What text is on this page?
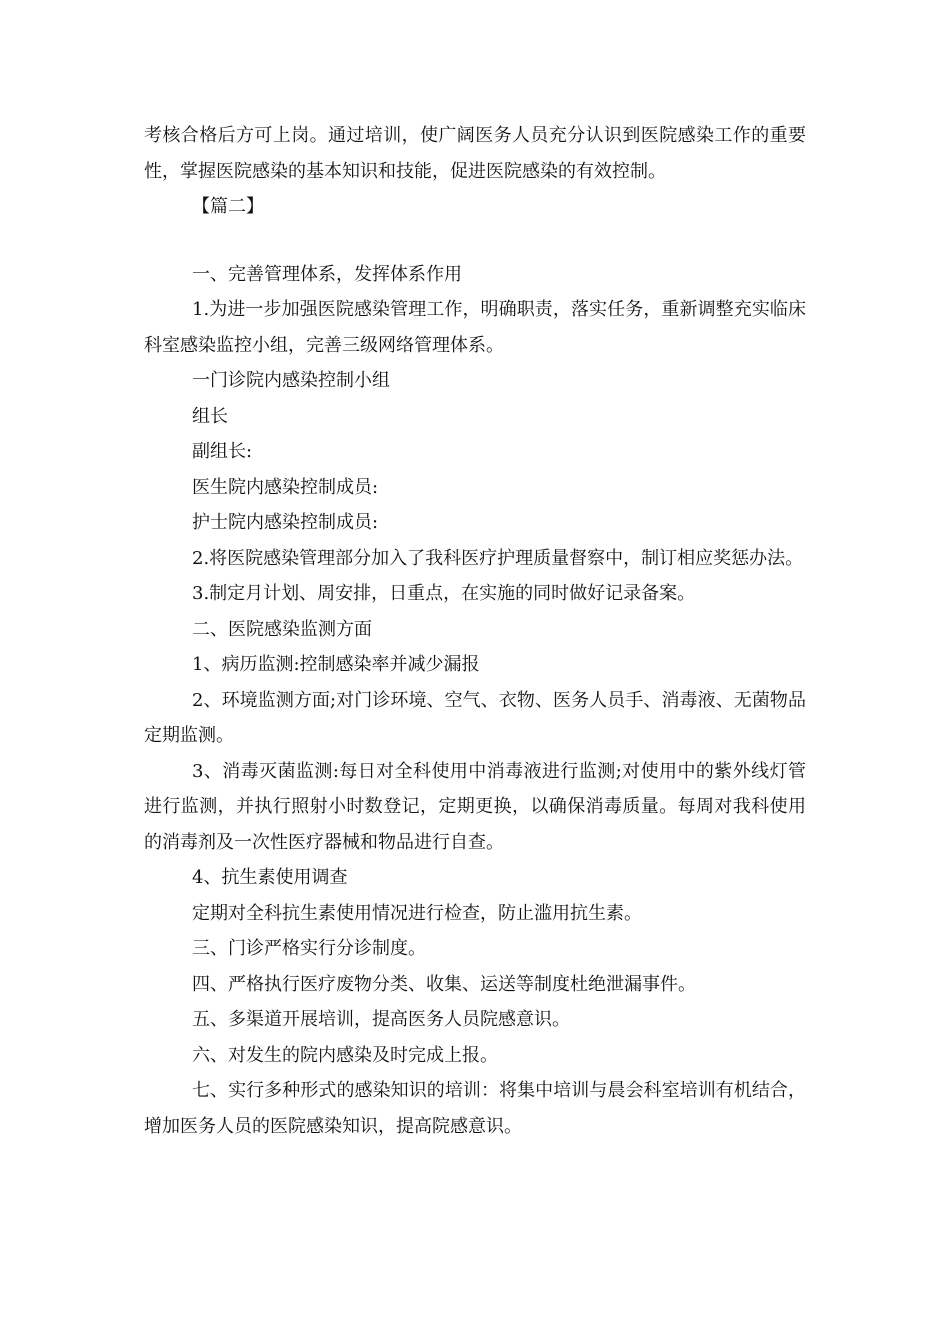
考核合格后方可上岗。通过培训，使广阔医务人员充分认识到医院感染工作的重要性，掌握医院感染的基本知识和技能，促进医院感染的有效控制。

【篇二】

一、完善管理体系，发挥体系作用

1.为进一步加强医院感染管理工作，明确职责，落实任务，重新调整充实临床科室感染监控小组，完善三级网络管理体系。

一门诊院内感染控制小组

组长

副组长:

医生院内感染控制成员:

护士院内感染控制成员:

2.将医院感染管理部分加入了我科医疗护理质量督察中，制订相应奖惩办法。

3.制定月计划、周安排，日重点，在实施的同时做好记录备案。

二、医院感染监测方面

1、病历监测:控制感染率并减少漏报

2、环境监测方面;对门诊环境、空气、衣物、医务人员手、消毒液、无菌物品定期监测。

3、消毒灭菌监测:每日对全科使用中消毒液进行监测;对使用中的紫外线灯管进行监测，并执行照射小时数登记，定期更换，以确保消毒质量。每周对我科使用的消毒剂及一次性医疗器械和物品进行自查。

4、抗生素使用调查

定期对全科抗生素使用情况进行检查，防止滥用抗生素。

三、门诊严格实行分诊制度。

四、严格执行医疗废物分类、收集、运送等制度杜绝泄漏事件。

五、多渠道开展培训，提高医务人员院感意识。

六、对发生的院内感染及时完成上报。

七、实行多种形式的感染知识的培训：将集中培训与晨会科室培训有机结合，增加医务人员的医院感染知识，提高院感意识。
